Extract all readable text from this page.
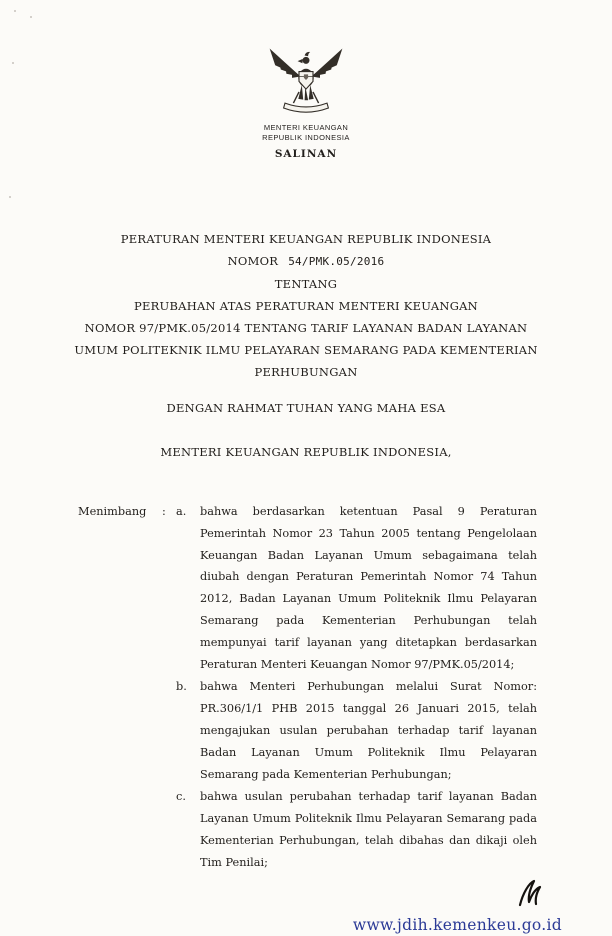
MENTERI KEUANGAN
REPUBLIK INDONESIA
SALINAN
PERATURAN MENTERI KEUANGAN REPUBLIK INDONESIA
NOMOR 54/PMK.05/2016
TENTANG
PERUBAHAN ATAS PERATURAN MENTERI KEUANGAN
NOMOR 97/PMK.05/2014 TENTANG TARIF LAYANAN BADAN LAYANAN
UMUM POLITEKNIK ILMU PELAYARAN SEMARANG PADA KEMENTERIAN
PERHUBUNGAN
DENGAN RAHMAT TUHAN YANG MAHA ESA
MENTERI KEUANGAN REPUBLIK INDONESIA,
Menimbang	: a.	bahwa berdasarkan ketentuan Pasal 9 Peraturan Pemerintah Nomor 23 Tahun 2005 tentang Pengelolaan Keuangan Badan Layanan Umum sebagaimana telah diubah dengan Peraturan Pemerintah Nomor 74 Tahun 2012, Badan Layanan Umum Politeknik Ilmu Pelayaran Semarang pada Kementerian Perhubungan telah mempunyai tarif layanan yang ditetapkan berdasarkan Peraturan Menteri Keuangan Nomor 97/PMK.05/2014;
b.	bahwa Menteri Perhubungan melalui Surat Nomor: PR.306/1/1 PHB 2015 tanggal 26 Januari 2015, telah mengajukan usulan perubahan terhadap tarif layanan Badan Layanan Umum Politeknik Ilmu Pelayaran Semarang pada Kementerian Perhubungan;
c.	bahwa usulan perubahan terhadap tarif layanan Badan Layanan Umum Politeknik Ilmu Pelayaran Semarang pada Kementerian Perhubungan, telah dibahas dan dikaji oleh Tim Penilai;
www.jdih.kemenkeu.go.id
